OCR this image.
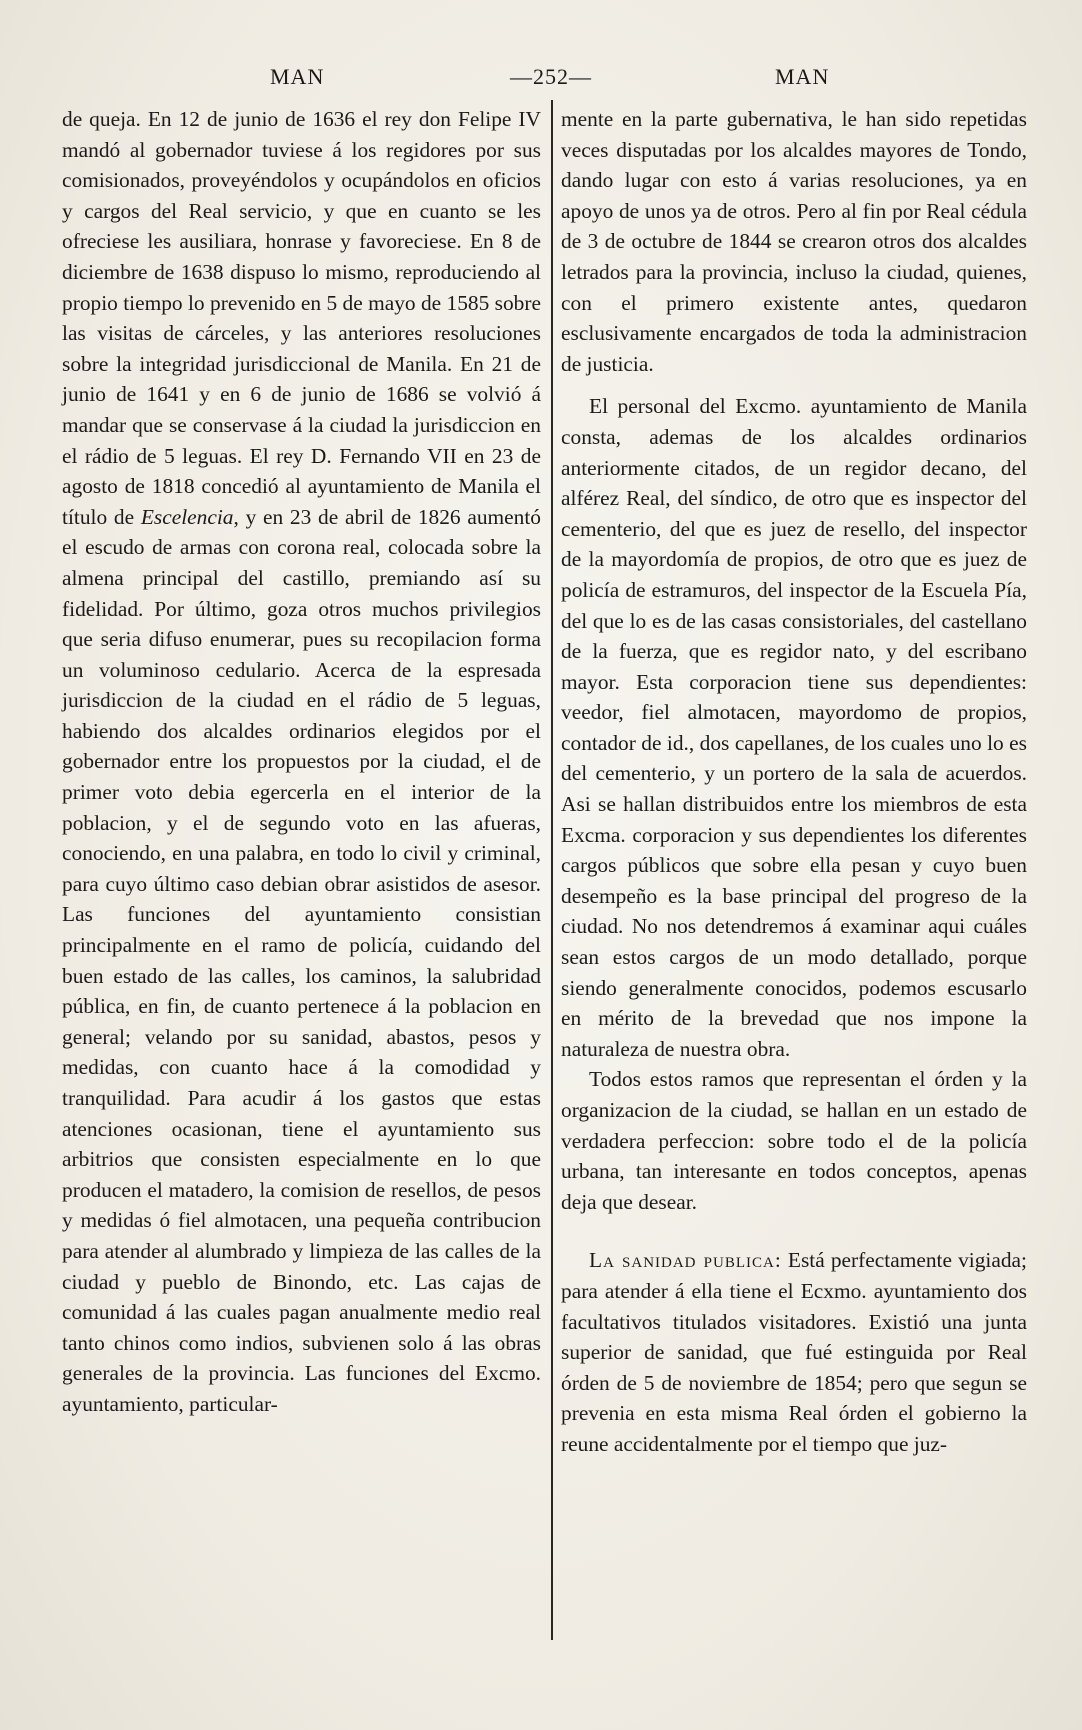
MAN	—252—	MAN

de queja. En 12 de junio de 1636 el rey don Felipe IV mandó al gobernador tuviese á los regidores por sus comisionados, proveyéndolos y ocupándolos en oficios y cargos del Real servicio, y que en cuanto se les ofreciese les ausiliara, honrase y favoreciese. En 8 de diciembre de 1638 dispuso lo mismo, reproduciendo al propio tiempo lo prevenido en 5 de mayo de 1585 sobre las visitas de cárceles, y las anteriores resoluciones sobre la integridad jurisdiccional de Manila. En 21 de junio de 1641 y en 6 de junio de 1686 se volvió á mandar que se conservase á la ciudad la jurisdiccion en el rádio de 5 leguas. El rey D. Fernando VII en 23 de agosto de 1818 concedió al ayuntamiento de Manila el título de Escelencia, y en 23 de abril de 1826 aumentó el escudo de armas con corona real, colocada sobre la almena principal del castillo, premiando así su fidelidad. Por último, goza otros muchos privilegios que seria difuso enumerar, pues su recopilacion forma un voluminoso cedulario. Acerca de la espresada jurisdiccion de la ciudad en el rádio de 5 leguas, habiendo dos alcaldes ordinarios elegidos por el gobernador entre los propuestos por la ciudad, el de primer voto debia egercerla en el interior de la poblacion, y el de segundo voto en las afueras, conociendo, en una palabra, en todo lo civil y criminal, para cuyo último caso debian obrar asistidos de asesor. Las funciones del ayuntamiento consistian principalmente en el ramo de policía, cuidando del buen estado de las calles, los caminos, la salubridad pública, en fin, de cuanto pertenece á la poblacion en general; velando por su sanidad, abastos, pesos y medidas, con cuanto hace á la comodidad y tranquilidad. Para acudir á los gastos que estas atenciones ocasionan, tiene el ayuntamiento sus arbitrios que consisten especialmente en lo que producen el matadero, la comision de resellos, de pesos y medidas ó fiel almotacen, una pequeña contribucion para atender al alumbrado y limpieza de las calles de la ciudad y pueblo de Binondo, etc. Las cajas de comunidad á las cuales pagan anualmente medio real tanto chinos como indios, subvienen solo á las obras generales de la provincia. Las funciones del Excmo. ayuntamiento, particular-

mente en la parte gubernativa, le han sido repetidas veces disputadas por los alcaldes mayores de Tondo, dando lugar con esto á varias resoluciones, ya en apoyo de unos ya de otros. Pero al fin por Real cédula de 3 de octubre de 1844 se crearon otros dos alcaldes letrados para la provincia, incluso la ciudad, quienes, con el primero existente antes, quedaron esclusivamente encargados de toda la administracion de justicia.

El personal del Excmo. ayuntamiento de Manila consta, ademas de los alcaldes ordinarios anteriormente citados, de un regidor decano, del alférez Real, del síndico, de otro que es inspector del cementerio, del que es juez de resello, del inspector de la mayordomía de propios, de otro que es juez de policía de estramuros, del inspector de la Escuela Pía, del que lo es de las casas consistoriales, del castellano de la fuerza, que es regidor nato, y del escribano mayor. Esta corporacion tiene sus dependientes: veedor, fiel almotacen, mayordomo de propios, contador de id., dos capellanes, de los cuales uno lo es del cementerio, y un portero de la sala de acuerdos. Asi se hallan distribuidos entre los miembros de esta Excma. corporacion y sus dependientes los diferentes cargos públicos que sobre ella pesan y cuyo buen desempeño es la base principal del progreso de la ciudad. No nos detendremos á examinar aqui cuáles sean estos cargos de un modo detallado, porque siendo generalmente conocidos, podemos escusarlo en mérito de la brevedad que nos impone la naturaleza de nuestra obra.

Todos estos ramos que representan el órden y la organizacion de la ciudad, se hallan en un estado de verdadera perfeccion: sobre todo el de la policía urbana, tan interesante en todos conceptos, apenas deja que desear.

La sanidad publica: Está perfectamente vigiada; para atender á ella tiene el Ecxmo. ayuntamiento dos facultativos titulados visitadores. Existió una junta superior de sanidad, que fué estinguida por Real órden de 5 de noviembre de 1854; pero que segun se prevenia en esta misma Real órden el gobierno la reune accidentalmente por el tiempo que juz-
